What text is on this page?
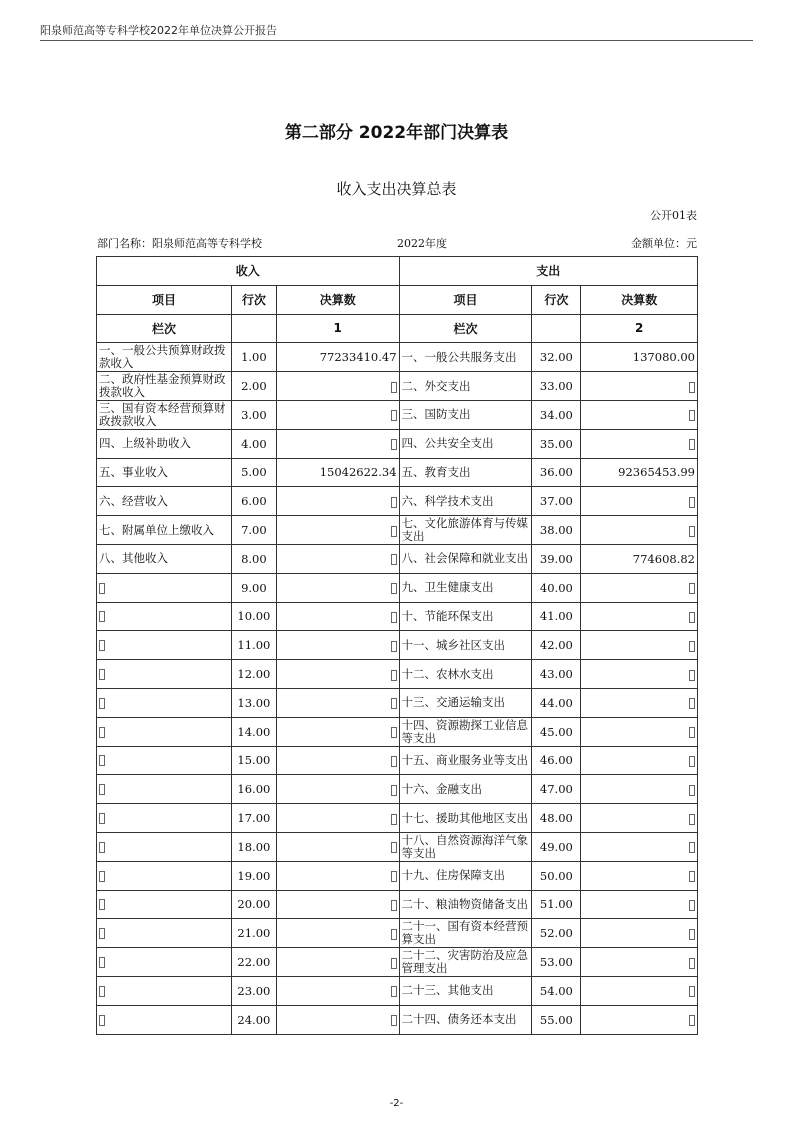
阳泉师范高等专科学校2022年单位决算公开报告
第二部分 2022年部门决算表
收入支出决算总表
公开01表
部门名称：阳泉师范高等专科学校	2022年度	金额单位：元
收入			支出		
项目	行次	决算数	项目	行次	决算数
栏次		1	栏次		2
一、一般公共预算财政拨款收入	1.00	77233410.47	一、一般公共服务支出	32.00	137080.00
二、政府性基金预算财政拨款收入	2.00		二、外交支出	33.00	
三、国有资本经营预算财政拨款收入	3.00		三、国防支出	34.00	
四、上级补助收入	4.00		四、公共安全支出	35.00	
五、事业收入	5.00	15042622.34	五、教育支出	36.00	92365453.99
六、经营收入	6.00		六、科学技术支出	37.00	
七、附属单位上缴收入	7.00		七、文化旅游体育与传媒支出	38.00	
八、其他收入	8.00		八、社会保障和就业支出	39.00	774608.82
	9.00		九、卫生健康支出	40.00	
	10.00		十、节能环保支出	41.00	
	11.00		十一、城乡社区支出	42.00	
	12.00		十二、农林水支出	43.00	
	13.00		十三、交通运输支出	44.00	
	14.00		十四、资源勘探工业信息等支出	45.00	
	15.00		十五、商业服务业等支出	46.00	
	16.00		十六、金融支出	47.00	
	17.00		十七、援助其他地区支出	48.00	
	18.00		十八、自然资源海洋气象等支出	49.00	
	19.00		十九、住房保障支出	50.00	
	20.00		二十、粮油物资储备支出	51.00	
	21.00		二十一、国有资本经营预算支出	52.00	
	22.00		二十二、灾害防治及应急管理支出	53.00	
	23.00		二十三、其他支出	54.00	
	24.00		二十四、债务还本支出	55.00	
-2-
